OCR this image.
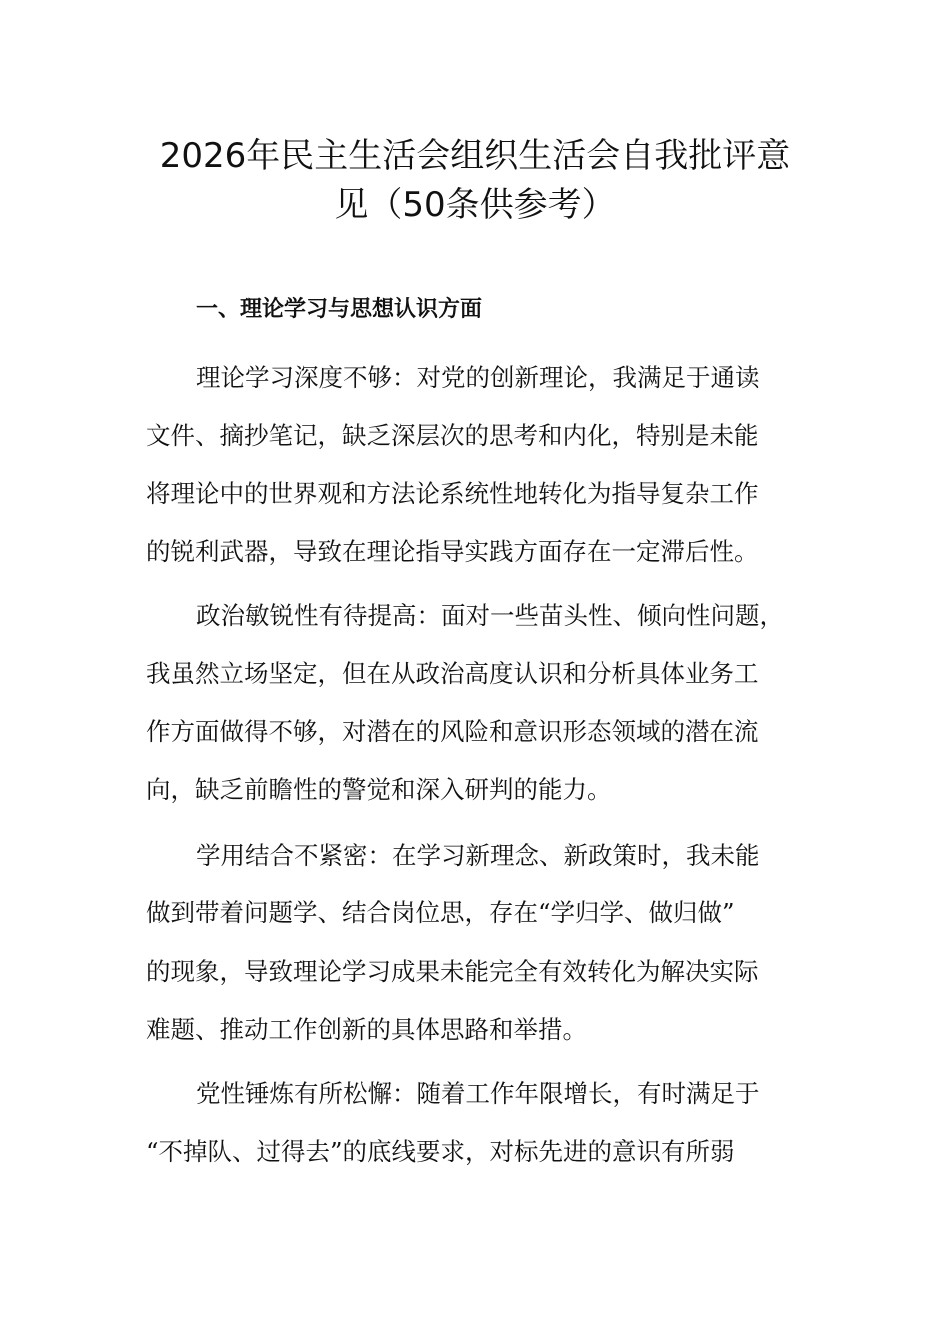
2026年民主生活会组织生活会自我批评意
见（50条供参考）
一、理论学习与思想认识方面
理论学习深度不够：对党的创新理论，我满足于通读
文件、摘抄笔记，缺乏深层次的思考和内化，特别是未能
将理论中的世界观和方法论系统性地转化为指导复杂工作
的锐利武器，导致在理论指导实践方面存在一定滞后性。
政治敏锐性有待提高：面对一些苗头性、倾向性问题，
我虽然立场坚定，但在从政治高度认识和分析具体业务工
作方面做得不够，对潜在的风险和意识形态领域的潜在流
向，缺乏前瞻性的警觉和深入研判的能力。
学用结合不紧密：在学习新理念、新政策时，我未能
做到带着问题学、结合岗位思，存在“学归学、做归做”
的现象，导致理论学习成果未能完全有效转化为解决实际
难题、推动工作创新的具体思路和举措。
党性锤炼有所松懈：随着工作年限增长，有时满足于
“不掉队、过得去”的底线要求，对标先进的意识有所弱
